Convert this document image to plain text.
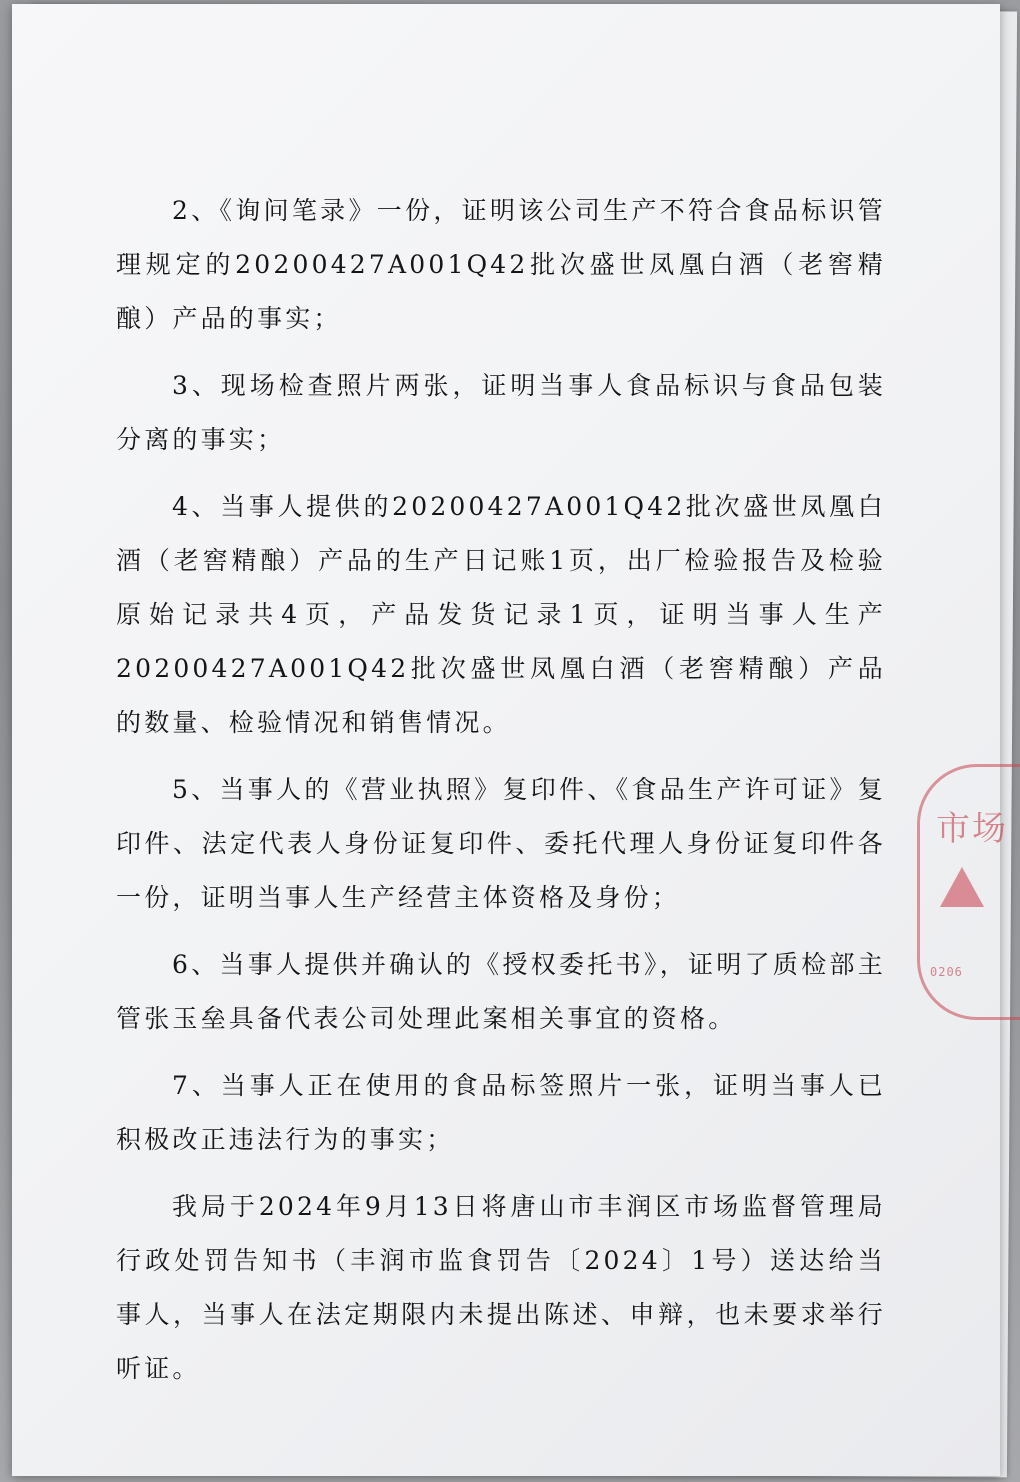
2、《询问笔录》一份，证明该公司生产不符合食品标识管理规定的20200427A001Q42批次盛世凤凰白酒（老窖精酿）产品的事实；

3、现场检查照片两张，证明当事人食品标识与食品包装分离的事实；

4、当事人提供的20200427A001Q42批次盛世凤凰白酒（老窖精酿）产品的生产日记账1页，出厂检验报告及检验原始记录共4页，产品发货记录1页，证明当事人生产20200427A001Q42批次盛世凤凰白酒（老窖精酿）产品的数量、检验情况和销售情况。

5、当事人的《营业执照》复印件、《食品生产许可证》复印件、法定代表人身份证复印件、委托代理人身份证复印件各一份，证明当事人生产经营主体资格及身份；

6、当事人提供并确认的《授权委托书》，证明了质检部主管张玉垒具备代表公司处理此案相关事宜的资格。

7、当事人正在使用的食品标签照片一张，证明当事人已积极改正违法行为的事实；

我局于2024年9月13日将唐山市丰润区市场监督管理局行政处罚告知书（丰润市监食罚告〔2024〕1号）送达给当事人，当事人在法定期限内未提出陈述、申辩，也未要求举行听证。

市场
0206
